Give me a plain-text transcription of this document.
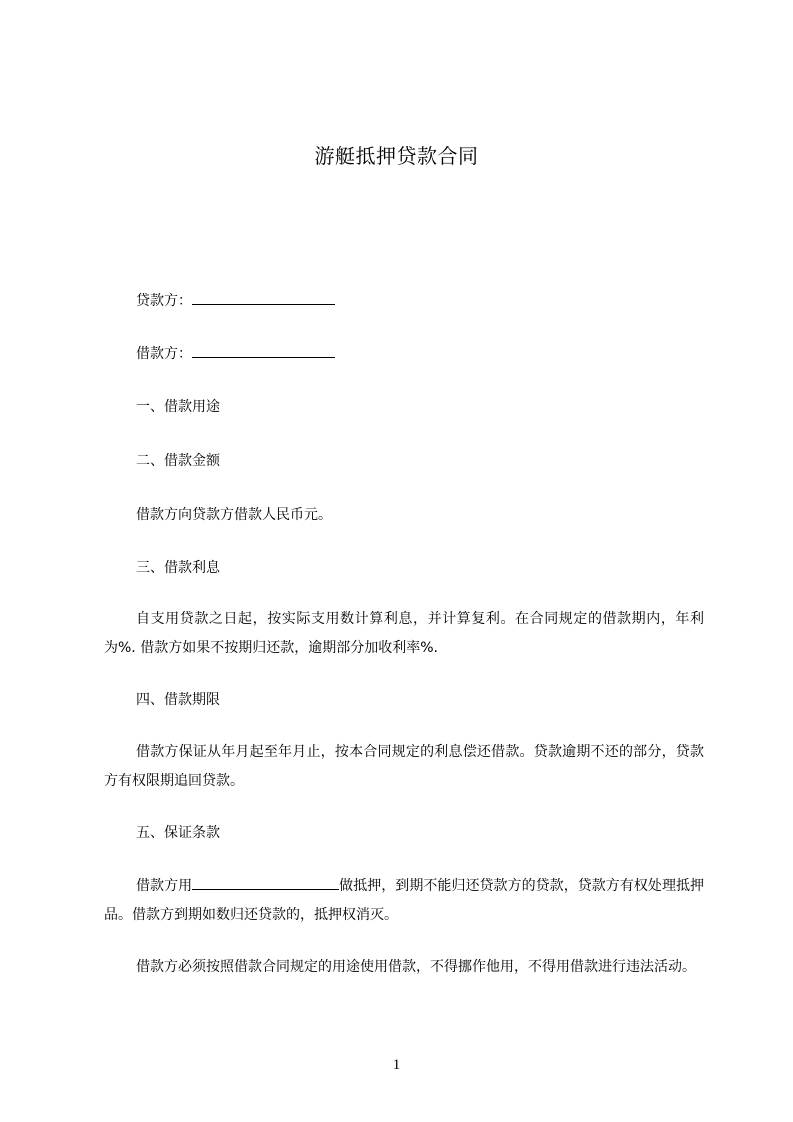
游艇抵押贷款合同
贷款方：
借款方：
一、借款用途
二、借款金额
借款方向贷款方借款人民币元。
三、借款利息
自支用贷款之日起，按实际支用数计算利息，并计算复利。在合同规定的借款期内，年利为%. 借款方如果不按期归还款，逾期部分加收利率%.
四、借款期限
借款方保证从年月起至年月止，按本合同规定的利息偿还借款。贷款逾期不还的部分，贷款方有权限期追回贷款。
五、保证条款
借款方用	做抵押，到期不能归还贷款方的贷款，贷款方有权处理抵押品。借款方到期如数归还贷款的，抵押权消灭。
借款方必须按照借款合同规定的用途使用借款，不得挪作他用，不得用借款进行违法活动。
1
